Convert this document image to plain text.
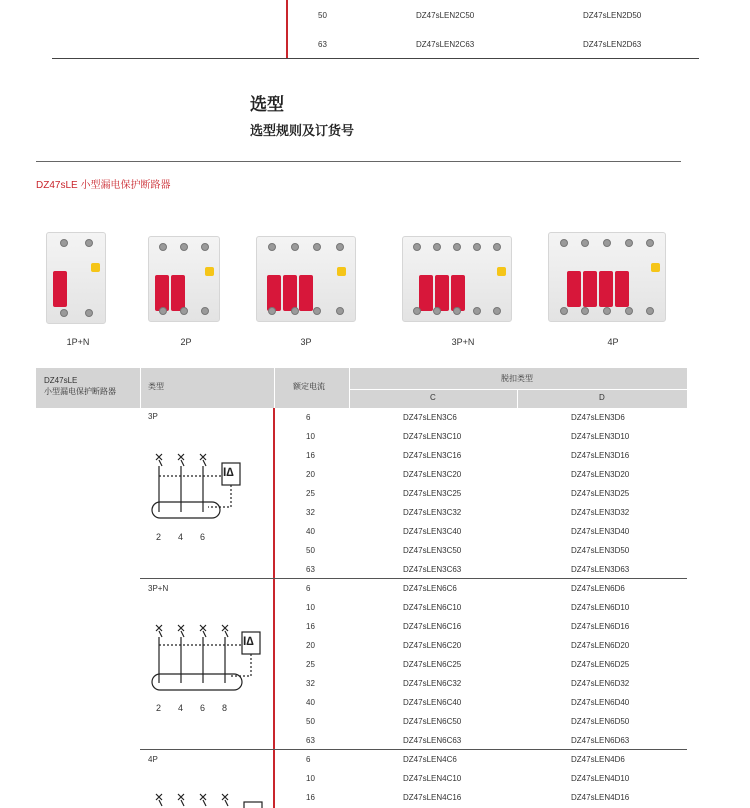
50	DZ47sLEN2C50	DZ47sLEN2D50
63	DZ47sLEN2C63	DZ47sLEN2D63
选型
选型规则及订货号
DZ47sLE 小型漏电保护断路器
1P+N	2P	3P	3P+N	4P
DZ47sLE
小型漏电保护断路器
类型	额定电流
脱扣类型
C	D
3P
3P+N
4P
6	DZ47sLEN3C6	DZ47sLEN3D6
10	DZ47sLEN3C10	DZ47sLEN3D10
16	DZ47sLEN3C16	DZ47sLEN3D16
20	DZ47sLEN3C20	DZ47sLEN3D20
25	DZ47sLEN3C25	DZ47sLEN3D25
32	DZ47sLEN3C32	DZ47sLEN3D32
40	DZ47sLEN3C40	DZ47sLEN3D40
50	DZ47sLEN3C50	DZ47sLEN3D50
63	DZ47sLEN3C63	DZ47sLEN3D63
6	DZ47sLEN6C6	DZ47sLEN6D6
10	DZ47sLEN6C10	DZ47sLEN6D10
16	DZ47sLEN6C16	DZ47sLEN6D16
20	DZ47sLEN6C20	DZ47sLEN6D20
25	DZ47sLEN6C25	DZ47sLEN6D25
32	DZ47sLEN6C32	DZ47sLEN6D32
40	DZ47sLEN6C40	DZ47sLEN6D40
50	DZ47sLEN6C50	DZ47sLEN6D50
63	DZ47sLEN6C63	DZ47sLEN6D63
6	DZ47sLEN4C6	DZ47sLEN4D6
10	DZ47sLEN4C10	DZ47sLEN4D10
16	DZ47sLEN4C16	DZ47sLEN4D16
I∆
2 4 6
I∆
2 4 6 8
